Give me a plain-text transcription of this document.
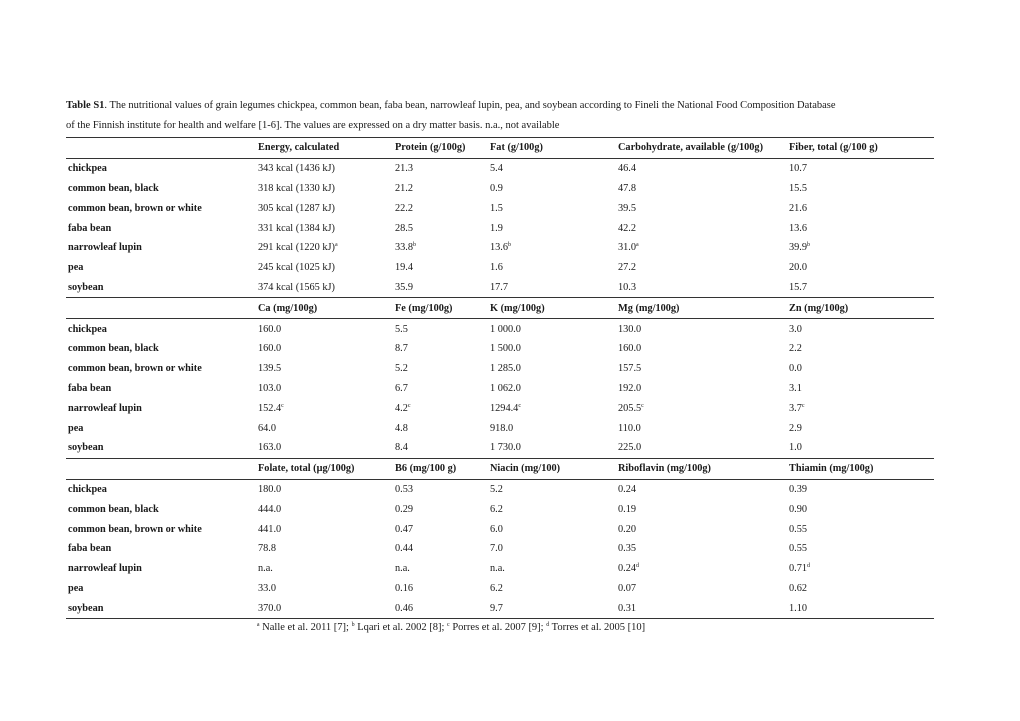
Table S1. The nutritional values of grain legumes chickpea, common bean, faba bean, narrowleaf lupin, pea, and soybean according to Fineli the National Food Composition Database
of the Finnish institute for health and welfare [1-6]. The values are expressed on a dry matter basis. n.a., not available

	Energy, calculated	Protein (g/100g)	Fat (g/100g)	Carbohydrate, available (g/100g)	Fiber, total (g/100 g)
chickpea	343 kcal (1436 kJ)	21.3	5.4	46.4	10.7
common bean, black	318 kcal (1330 kJ)	21.2	0.9	47.8	15.5
common bean, brown or white	305 kcal (1287 kJ)	22.2	1.5	39.5	21.6
faba bean	331 kcal (1384 kJ)	28.5	1.9	42.2	13.6
narrowleaf lupin	291 kcal (1220 kJ)$^a$	33.8$^b$	13.6$^b$	31.0$^a$	39.9$^b$
pea	245 kcal (1025 kJ)	19.4	1.6	27.2	20.0
soybean	374 kcal (1565 kJ)	35.9	17.7	10.3	15.7
	Ca (mg/100g)	Fe (mg/100g)	K (mg/100g)	Mg (mg/100g)	Zn (mg/100g)
chickpea	160.0	5.5	1 000.0	130.0	3.0
common bean, black	160.0	8.7	1 500.0	160.0	2.2
common bean, brown or white	139.5	5.2	1 285.0	157.5	0.0
faba bean	103.0	6.7	1 062.0	192.0	3.1
narrowleaf lupin	152.4$^c$	4.2$^c$	1294.4$^c$	205.5$^c$	3.7$^c$
pea	64.0	4.8	918.0	110.0	2.9
soybean	163.0	8.4	1 730.0	225.0	1.0
	Folate, total (μg/100g)	B6 (mg/100 g)	Niacin (mg/100)	Riboflavin (mg/100g)	Thiamin (mg/100g)
chickpea	180.0	0.53	5.2	0.24	0.39
common bean, black	444.0	0.29	6.2	0.19	0.90
common bean, brown or white	441.0	0.47	6.0	0.20	0.55
faba bean	78.8	0.44	7.0	0.35	0.55
narrowleaf lupin	n.a.	n.a.	n.a.	0.24$^d$	0.71$^d$
pea	33.0	0.16	6.2	0.07	0.62
soybean	370.0	0.46	9.7	0.31	1.10
$^a$ Nalle et al. 2011 [7]; $^b$ Lqari et al. 2002 [8]; $^c$ Porres et al. 2007 [9]; $^d$ Torres et al. 2005 [10]
